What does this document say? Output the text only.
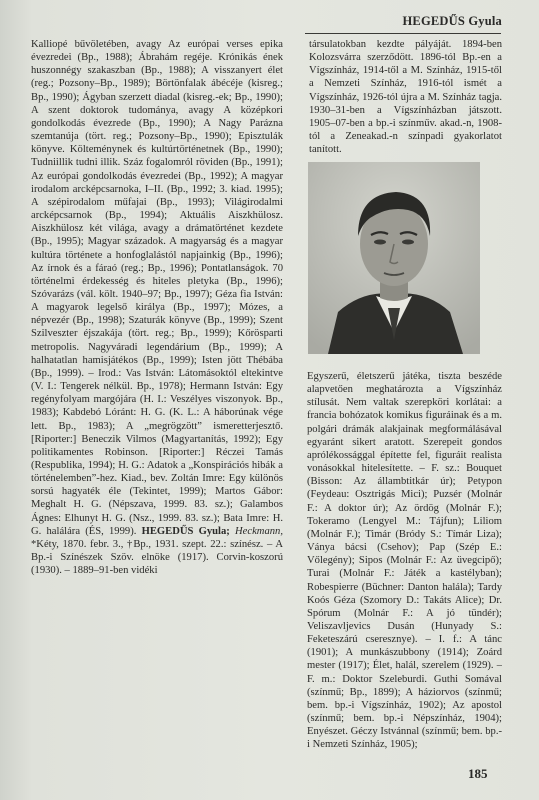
HEGEDŰS Gyula

Kalliopé bűvöletében, avagy Az európai verses epika évezredei (Bp., 1988); Ábrahám regéje. Krónikás ének huszonnégy szakaszban (Bp., 1988); A visszanyert élet (reg.; Pozsony–Bp., 1989); Börtönfalak ábécéje (kisreg.; Bp., 1990); Ágyban szerzett diadal (kisreg.-ek; Bp., 1990); A szent doktorok tudománya, avagy A középkori gondolkodás évezrede (Bp., 1990); A Nagy Parázna szemtanúja (tört. reg.; Pozsony–Bp., 1990); Episztulák könyve. Költeménynek és kultúrtörténetnek (Bp., 1990); Tudniillik tudni illik. Száz fogalomról röviden (Bp., 1991); Az európai gondolkodás évezredei (Bp., 1992); A magyar irodalom arcképcsarnoka, I–II. (Bp., 1992; 3. kiad. 1995); A szépirodalom műfajai (Bp., 1993); Világirodalmi arcképcsarnok (Bp., 1994); Aktuális Aiszkhülosz. Aiszkhülosz két világa, avagy a drámatörténet kezdete (Bp., 1995); Magyar századok. A magyarság és a magyar kultúra története a honfoglalástól napjainkig (Bp., 1996); Az írnok és a fáraó (reg.; Bp., 1996); Pontatlanságok. 70 történelmi érdekesség és hiteles pletyka (Bp., 1996); Szóvarázs (vál. költ. 1940–97; Bp., 1997); Géza fia István: A magyarok legelső királya (Bp., 1997); Mózes, a népvezér (Bp., 1998); Szaturák könyve (Bp., 1999); Szent Szilveszter éjszakája (tört. reg.; Bp., 1999); Kőrösparti metropolis. Nagyváradi legendárium (Bp., 1999); A halhatatlan hamisjátékos (Bp., 1999); Isten jött Thébába (Bp., 1999). – Irod.: Vas István: Látomásoktól eltekintve (V. I.: Tengerek nélkül. Bp., 1978); Hermann István: Egy regényfolyam margójára (H. I.: Veszélyes viszonyok. Bp., 1983); Kabdebó Lóránt: H. G. (K. L.: A háborúnak vége lett. Bp., 1983); A „megrögzött” ismeretterjesztő. [Riporter:] Beneczik Vilmos (Magyartanítás, 1992); Egy politikamentes Robinson. [Riporter:] Réczei Tamás (Respublika, 1994); H. G.: Adatok a „Konspirációs hibák a történelemben”-hez. Kiad., bev. Zoltán Imre: Egy különös sorsú hagyaték éle (Tekintet, 1999); Martos Gábor: Meghalt H. G. (Népszava, 1999. 83. sz.); Galambos Ágnes: Elhunyt H. G. (Nsz., 1999. 83. sz.); Bata Imre: H. G. halálára (ÉS, 1999). HEGEDŰS Gyula; Heckmann, *Kéty, 1870. febr. 3., †Bp., 1931. szept. 22.: színész. – A Bp.-i Színészek Szöv. elnöke (1917). Corvin-koszorú (1930). – 1889–91-ben vidéki

társulatokban kezdte pályáját. 1894-ben Kolozsvárra szerződött. 1896-tól Bp.-en a Vígszínház, 1914-től a M. Színház, 1915-től a Nemzeti Színház, 1916-tól ismét a Vígszínház, 1926-tól újra a M. Színház tagja. 1930–31-ben a Vígszínházban játszott. 1905–07-ben a bp.-i színműv. akad.-n, 1908-tól a Zeneakad.-n színpadi gyakorlatot tanított.
Egyszerű, életszerű játéka, tiszta beszéde alapvetően meghatározta a Vígszínház stílusát. Nem valtak szerepköri korlátai: a francia bohózatok komikus figuráinak és a m. polgári drámák alakjainak megformálásával egyaránt sikert aratott. Szerepeit gondos aprólékossággal építette fel, figuráit realista vonásokkal hitelesítette. – F. sz.: Bouquet (Bisson: Az állambtitkár úr); Petypon (Feydeau: Osztrigás Mici); Puzsér (Molnár F.: A doktor úr); Az ördög (Molnár F.); Tokeramo (Lengyel M.: Tájfun); Liliom (Molnár F.); Timár (Bródy S.: Tímár Liza); Ványa bácsi (Csehov); Pap (Szép E.: Vőlegény); Sipos (Molnár F.: Az üvegcipő); Turai (Molnár F.: Játék a kastélyban); Robespierre (Büchner: Danton halála); Tardy Koós Géza (Szomory D.: Takáts Alice); Dr. Spórum (Molnár F.: A jó tündér); Veliszavljevics Dusán (Hunyady S.: Feketeszárú cseresznye). – I. f.: A tánc (1901); A munkászubbony (1914); Zoárd mester (1917); Élet, halál, szerelem (1929). – F. m.: Doktor Szeleburdi. Guthi Somával (színmű; Bp., 1899); A háziorvos (színmű; bem. bp.-i Vígszínház, 1902); Az apostol (színmű; bem. bp.-i Népszínház, 1904); Enyészet. Géczy Istvánnal (színmű; bem. bp.-i Nemzeti Színház, 1905);
185
